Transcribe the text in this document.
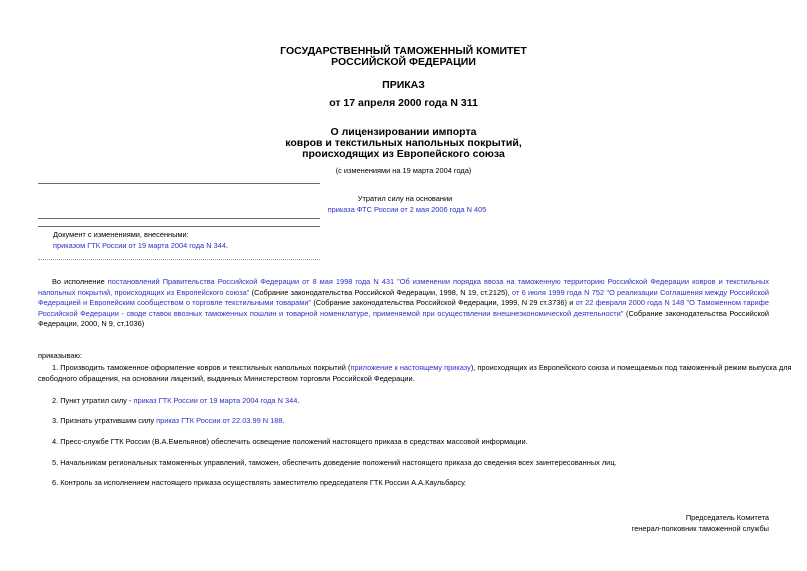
ГОСУДАРСТВЕННЫЙ ТАМОЖЕННЫЙ КОМИТЕТ
РОССИЙСКОЙ ФЕДЕРАЦИИ
ПРИКАЗ
от 17 апреля 2000 года N 311
О лицензировании импорта
ковров и текстильных напольных покрытий,
происходящих из Европейского союза
(с изменениями на 19 марта 2004 года)
Утратил силу на основании
приказа ФТС России от 2 мая 2006 года N 405
Документ с изменениями, внесенными:
приказом ГТК России от 19 марта 2004 года N 344.
Во исполнение постановлений Правительства Российской Федерации от 8 мая 1998 года N 431 "Об изменении порядка ввоза на таможенную территорию Российской Федерации ковров и текстильных напольных покрытий, происходящих из Европейского союза" (Собрание законодательства Российской Федерации, 1998, N 19, ст.2125), от 6 июля 1999 года N 752 "О реализации Соглашения между Российской Федерацией и Европейским сообществом о торговле текстильными товарами" (Собрание законодательства Российской Федерации, 1999, N 29 ст.3736) и от 22 февраля 2000 года N 148 "О Таможенном тарифе Российской Федерации - своде ставок ввозных таможенных пошлин и товарной номенклатуре, применяемой при осуществлении внешнеэкономической деятельности" (Собрание законодательства Российской Федерации, 2000, N 9, ст.1036)
приказываю:
1. Производить таможенное оформление ковров и текстильных напольных покрытий (приложение к настоящему приказу), происходящих из Европейского союза и помещаемых под таможенный режим выпуска для
свободного обращения, на основании лицензий, выданных Министерством торговли Российской Федерации.
2. Пункт утратил силу - приказ ГТК России от 19 марта 2004 года N 344.
3. Признать утратившим силу приказ ГТК России от 22.03.99 N 188.
4. Пресс-службе ГТК России (В.А.Емельянов) обеспечить освещение положений настоящего приказа в средствах массовой информации.
5. Начальникам региональных таможенных управлений, таможен, обеспечить доведение положений настоящего приказа до сведения всех заинтересованных лиц.
6. Контроль за исполнением настоящего приказа осуществлять заместителю председателя ГТК России А.А.Каульбарсу.
Председатель Комитета
генерал-полковник таможенной службы
